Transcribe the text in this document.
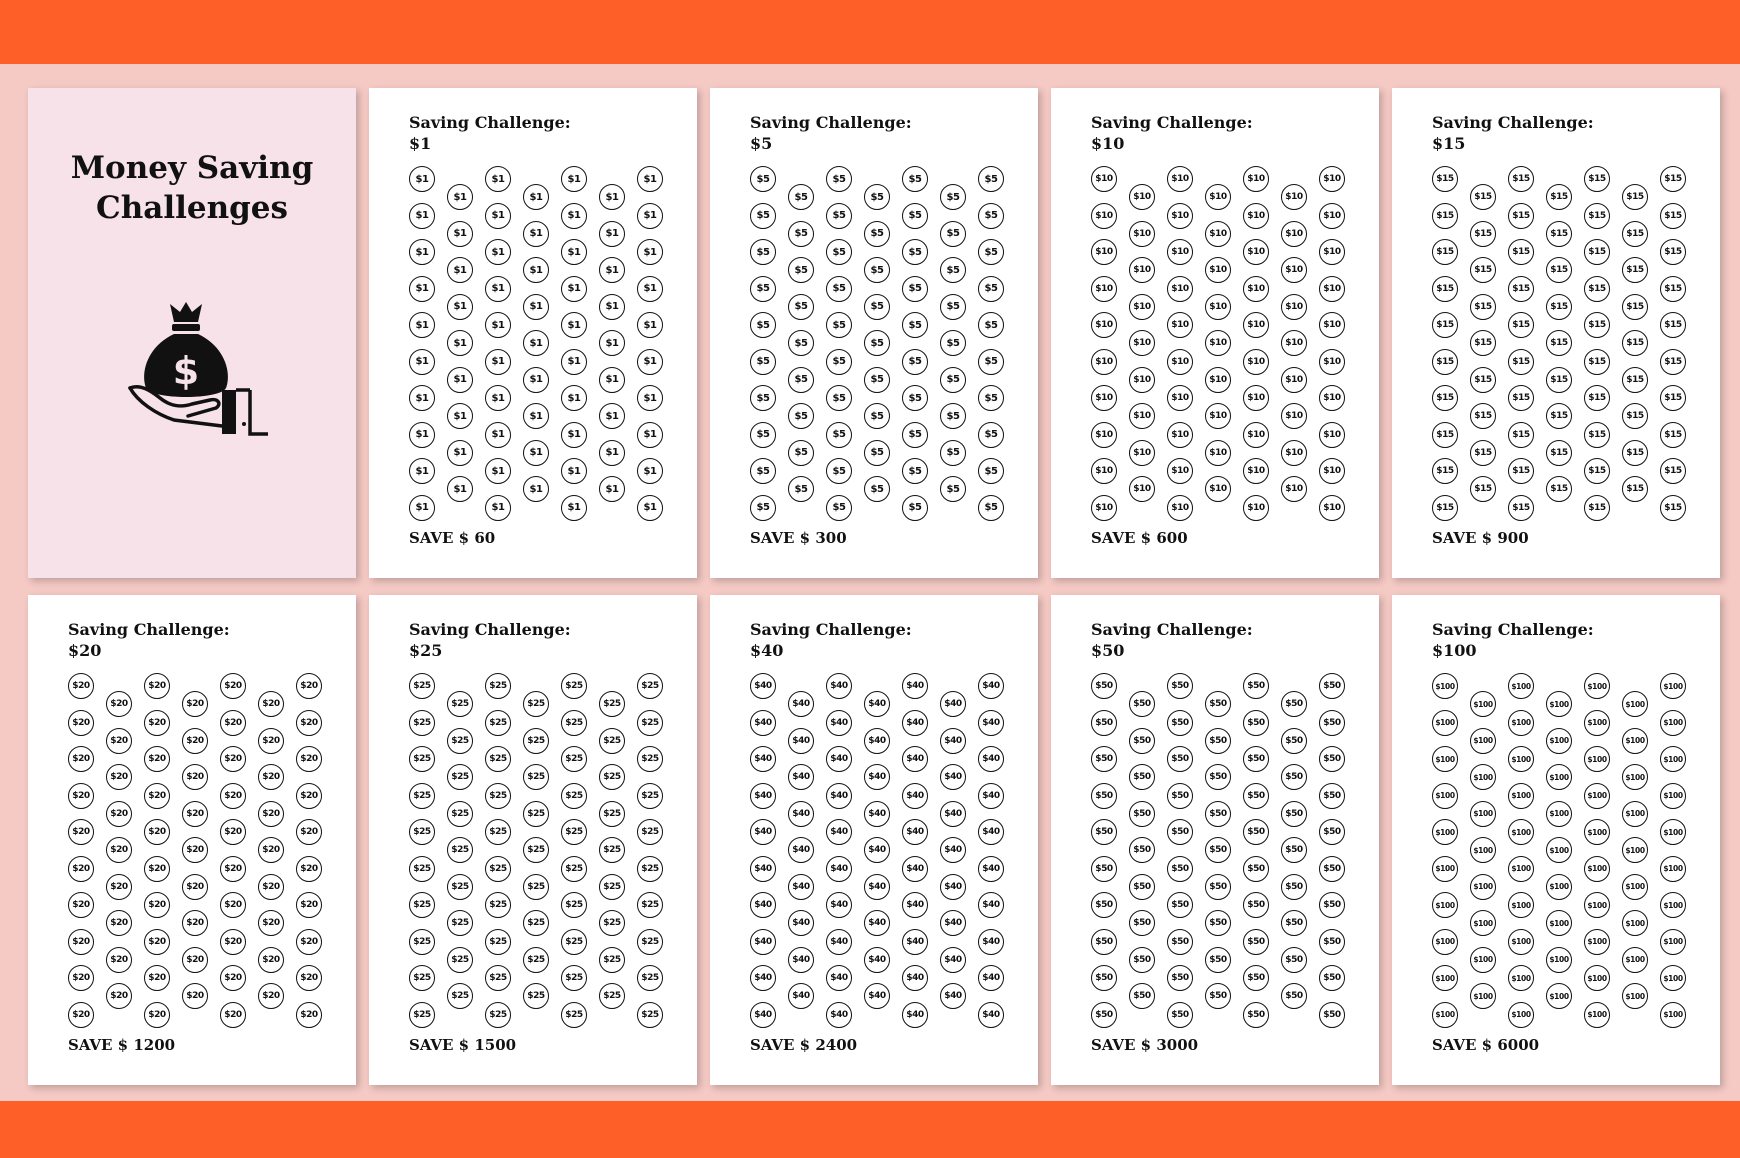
Money Saving
Challenges
$
Saving Challenge:
$1
$1
$1
$1
$1
$1
$1
$1
$1
$1
$1
$1
$1
$1
$1
$1
$1
$1
$1
$1
$1
$1
$1
$1
$1
$1
$1
$1
$1
$1
$1
$1
$1
$1
$1
$1
$1
$1
$1
$1
$1
$1
$1
$1
$1
$1
$1
$1
$1
$1
$1
$1
$1
$1
$1
$1
$1
$1
$1
$1
$1
$1
$1
$1
$1
$1
$1
$1
SAVE $ 60
Saving Challenge:
$5
$5
$5
$5
$5
$5
$5
$5
$5
$5
$5
$5
$5
$5
$5
$5
$5
$5
$5
$5
$5
$5
$5
$5
$5
$5
$5
$5
$5
$5
$5
$5
$5
$5
$5
$5
$5
$5
$5
$5
$5
$5
$5
$5
$5
$5
$5
$5
$5
$5
$5
$5
$5
$5
$5
$5
$5
$5
$5
$5
$5
$5
$5
$5
$5
$5
$5
$5
SAVE $ 300
Saving Challenge:
$10
$10
$10
$10
$10
$10
$10
$10
$10
$10
$10
$10
$10
$10
$10
$10
$10
$10
$10
$10
$10
$10
$10
$10
$10
$10
$10
$10
$10
$10
$10
$10
$10
$10
$10
$10
$10
$10
$10
$10
$10
$10
$10
$10
$10
$10
$10
$10
$10
$10
$10
$10
$10
$10
$10
$10
$10
$10
$10
$10
$10
$10
$10
$10
$10
$10
$10
$10
SAVE $ 600
Saving Challenge:
$15
$15
$15
$15
$15
$15
$15
$15
$15
$15
$15
$15
$15
$15
$15
$15
$15
$15
$15
$15
$15
$15
$15
$15
$15
$15
$15
$15
$15
$15
$15
$15
$15
$15
$15
$15
$15
$15
$15
$15
$15
$15
$15
$15
$15
$15
$15
$15
$15
$15
$15
$15
$15
$15
$15
$15
$15
$15
$15
$15
$15
$15
$15
$15
$15
$15
$15
$15
SAVE $ 900
Saving Challenge:
$20
$20
$20
$20
$20
$20
$20
$20
$20
$20
$20
$20
$20
$20
$20
$20
$20
$20
$20
$20
$20
$20
$20
$20
$20
$20
$20
$20
$20
$20
$20
$20
$20
$20
$20
$20
$20
$20
$20
$20
$20
$20
$20
$20
$20
$20
$20
$20
$20
$20
$20
$20
$20
$20
$20
$20
$20
$20
$20
$20
$20
$20
$20
$20
$20
$20
$20
$20
SAVE $ 1200
Saving Challenge:
$25
$25
$25
$25
$25
$25
$25
$25
$25
$25
$25
$25
$25
$25
$25
$25
$25
$25
$25
$25
$25
$25
$25
$25
$25
$25
$25
$25
$25
$25
$25
$25
$25
$25
$25
$25
$25
$25
$25
$25
$25
$25
$25
$25
$25
$25
$25
$25
$25
$25
$25
$25
$25
$25
$25
$25
$25
$25
$25
$25
$25
$25
$25
$25
$25
$25
$25
$25
SAVE $ 1500
Saving Challenge:
$40
$40
$40
$40
$40
$40
$40
$40
$40
$40
$40
$40
$40
$40
$40
$40
$40
$40
$40
$40
$40
$40
$40
$40
$40
$40
$40
$40
$40
$40
$40
$40
$40
$40
$40
$40
$40
$40
$40
$40
$40
$40
$40
$40
$40
$40
$40
$40
$40
$40
$40
$40
$40
$40
$40
$40
$40
$40
$40
$40
$40
$40
$40
$40
$40
$40
$40
$40
SAVE $ 2400
Saving Challenge:
$50
$50
$50
$50
$50
$50
$50
$50
$50
$50
$50
$50
$50
$50
$50
$50
$50
$50
$50
$50
$50
$50
$50
$50
$50
$50
$50
$50
$50
$50
$50
$50
$50
$50
$50
$50
$50
$50
$50
$50
$50
$50
$50
$50
$50
$50
$50
$50
$50
$50
$50
$50
$50
$50
$50
$50
$50
$50
$50
$50
$50
$50
$50
$50
$50
$50
$50
$50
SAVE $ 3000
Saving Challenge:
$100
$100
$100
$100
$100
$100
$100
$100
$100
$100
$100
$100
$100
$100
$100
$100
$100
$100
$100
$100
$100
$100
$100
$100
$100
$100
$100
$100
$100
$100
$100
$100
$100
$100
$100
$100
$100
$100
$100
$100
$100
$100
$100
$100
$100
$100
$100
$100
$100
$100
$100
$100
$100
$100
$100
$100
$100
$100
$100
$100
$100
$100
$100
$100
$100
$100
$100
$100
SAVE $ 6000
